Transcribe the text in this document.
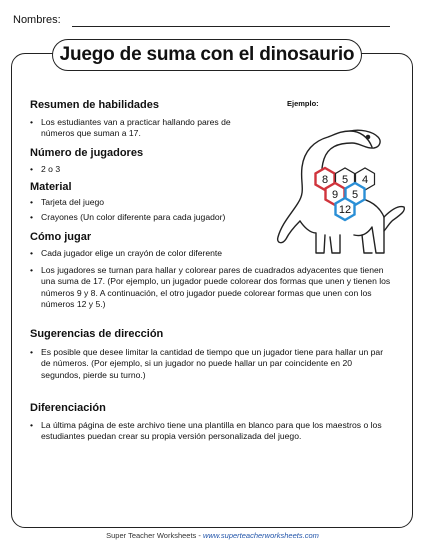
Nombres:
Juego de suma con el dinosaurio
Resumen de habilidades
• Los estudiantes van a practicar hallando pares de números que suman a 17.
Número de jugadores
• 2 o 3
Material
• Tarjeta del juego
• Crayones (Un color diferente para cada jugador)
Cómo jugar
• Cada jugador elige un crayón de color diferente
• Los jugadores se turnan para hallar y colorear pares de cuadrados adyacentes que tienen una suma de 17. (Por ejemplo, un jugador puede colorear dos formas que unen y tienen los números 9 y 8. A continuación, el otro jugador puede colorear formas que unen con los números 12 y 5.)
Sugerencias de dirección
• Es posible que desee limitar la cantidad de tiempo que un jugador tiene para hallar un par de números. (Por ejemplo, si un jugador no puede hallar un par coincidente en 20 segundos, pierde su turno.)
Diferenciación
• La última página de este archivo tiene una plantilla en blanco para que los maestros o los estudiantes puedan crear su propia versión personalizada del juego.
Ejemplo:
8 5 4
9 5
12
Super Teacher Worksheets - www.superteacherworksheets.com
